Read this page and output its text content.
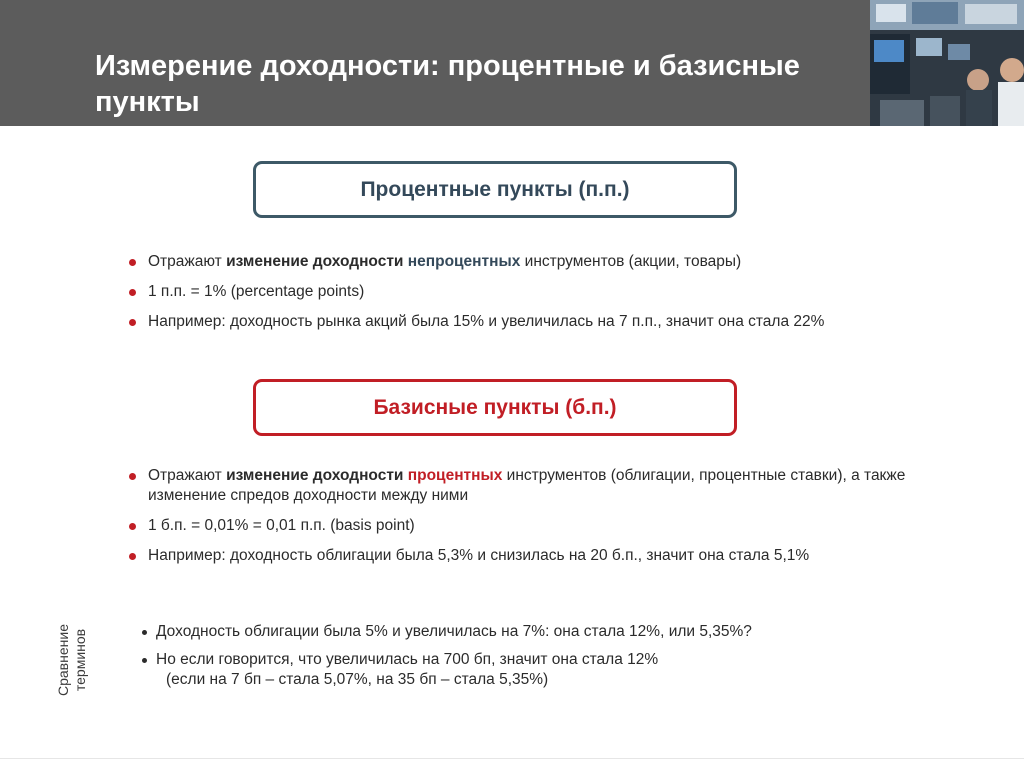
Измерение доходности: процентные и базисные пункты
Процентные пункты (п.п.)
Отражают изменение доходности непроцентных инструментов (акции, товары)
1 п.п. = 1% (percentage points)
Например: доходность рынка акций была 15% и увеличилась на 7 п.п., значит она стала 22%
Базисные пункты (б.п.)
Отражают изменение доходности процентных инструментов (облигации, процентные ставки), а также изменение спредов доходности между ними
1 б.п. = 0,01% = 0,01 п.п. (basis point)
Например: доходность облигации была 5,3% и снизилась на 20 б.п., значит она стала 5,1%
Сравнение терминов	Доходность облигации была 5% и увеличилась на 7%: она стала 12%, или 5,35%?
Но если говорится, что увеличилась на 700 бп, значит она стала 12%
(если на 7 бп – стала 5,07%, на 35 бп – стала 5,35%)
